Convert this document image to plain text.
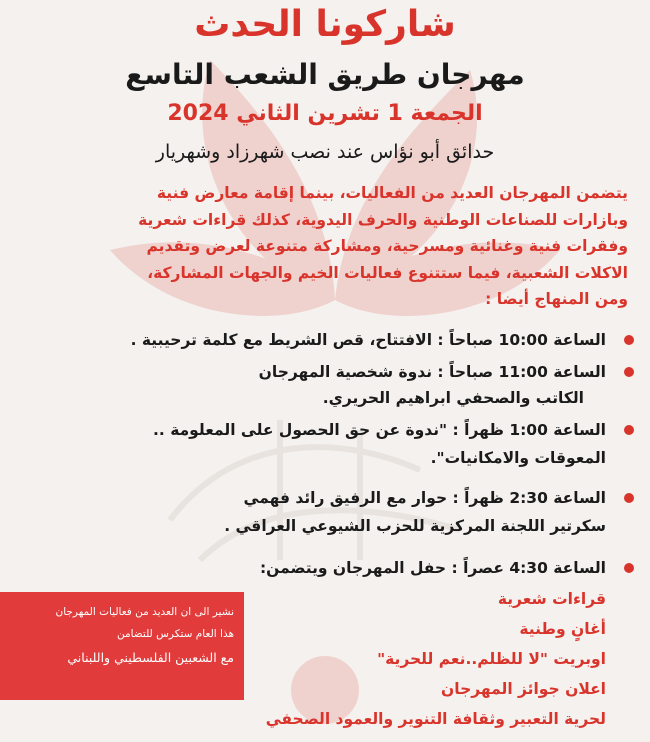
شاركونا الحدث
مهرجان طريق الشعب التاسع
الجمعة 1 تشرين الثاني 2024
حدائق أبو نؤاس عند نصب شهرزاد وشهريار
يتضمن المهرجان العديد من الفعاليات، بينما إقامة معارض فنية
وبازارات للصناعات الوطنية والحرف اليدوية، كذلك قراءات شعرية
وفقرات فنية وغنائية ومسرحية، ومشاركة متنوعة لعرض وتقديم
الاكلات الشعبية، فيما ستتنوع فعاليات الخيم والجهات المشاركة،
ومن المنهاج أيضا :
الساعة 10:00 صباحاً : الافتتاح، قص الشريط مع كلمة ترحيبية .
الساعة 11:00 صباحاً : ندوة شخصية المهرجان
الكاتب والصحفي ابراهيم الحريري.
الساعة 1:00 ظهراً : "ندوة عن حق الحصول على المعلومة ..
المعوقات والامكانيات".
الساعة 2:30 ظهراً : حوار مع الرفيق رائد فهمي
سكرتير اللجنة المركزية للحزب الشيوعي العراقي .
الساعة 4:30 عصراً : حفل المهرجان ويتضمن:
قراءات شعرية
أغانٍ وطنية
اوبريت "لا للظلم..نعم للحرية"
اعلان جوائز المهرجان
لحرية التعبير وثقافة التنوير والعمود الصحفي
نشير الى ان العديد من فعاليات المهرجان
هذا العام ستكرس للتضامن
مع الشعبين الفلسطيني واللبناني
